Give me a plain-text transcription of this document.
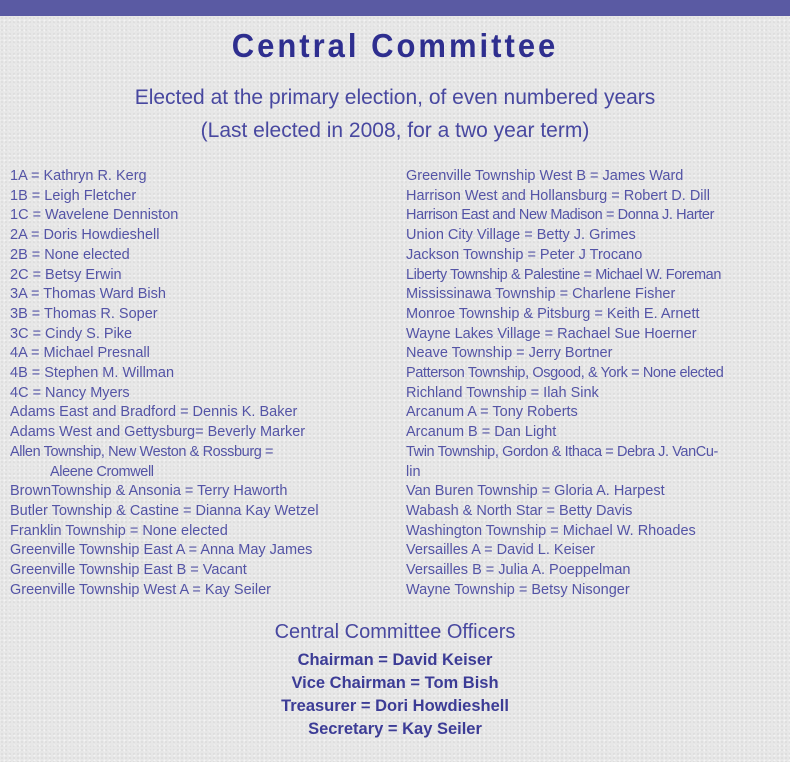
Central Committee
Elected at the primary election, of even numbered years
(Last elected in 2008, for a two year term)
1A = Kathryn R. Kerg
1B = Leigh Fletcher
1C = Wavelene Denniston
2A = Doris Howdieshell
2B = None elected
2C = Betsy Erwin
3A = Thomas Ward Bish
3B = Thomas R. Soper
3C = Cindy S. Pike
4A = Michael Presnall
4B = Stephen M. Willman
4C = Nancy Myers
Adams East and Bradford = Dennis K. Baker
Adams West and Gettysburg= Beverly Marker
Allen Township, New Weston & Rossburg =
Aleene Cromwell
BrownTownship & Ansonia = Terry Haworth
Butler Township & Castine = Dianna Kay Wetzel
Franklin Township = None elected
Greenville Township East A = Anna May James
Greenville Township East B = Vacant
Greenville Township West A = Kay Seiler
Greenville Township West B = James Ward
Harrison West and Hollansburg = Robert D. Dill
Harrison East and New Madison = Donna J. Harter
Union City Village = Betty J. Grimes
Jackson Township = Peter J Trocano
Liberty Township & Palestine = Michael W. Foreman
Mississinawa Township = Charlene Fisher
Monroe Township & Pitsburg = Keith E. Arnett
Wayne Lakes Village = Rachael Sue Hoerner
Neave Township = Jerry Bortner
Patterson Township, Osgood, & York = None elected
Richland Township = Ilah Sink
Arcanum A = Tony Roberts
Arcanum B = Dan Light
Twin Township, Gordon & Ithaca = Debra J. VanCu-
lin
Van Buren Township = Gloria A. Harpest
Wabash & North Star = Betty Davis
Washington Township = Michael W. Rhoades
Versailles A = David L. Keiser
Versailles B = Julia A. Poeppelman
Wayne Township = Betsy Nisonger
Central Committee Officers
Chairman = David Keiser
Vice Chairman = Tom Bish
Treasurer = Dori Howdieshell
Secretary = Kay Seiler
